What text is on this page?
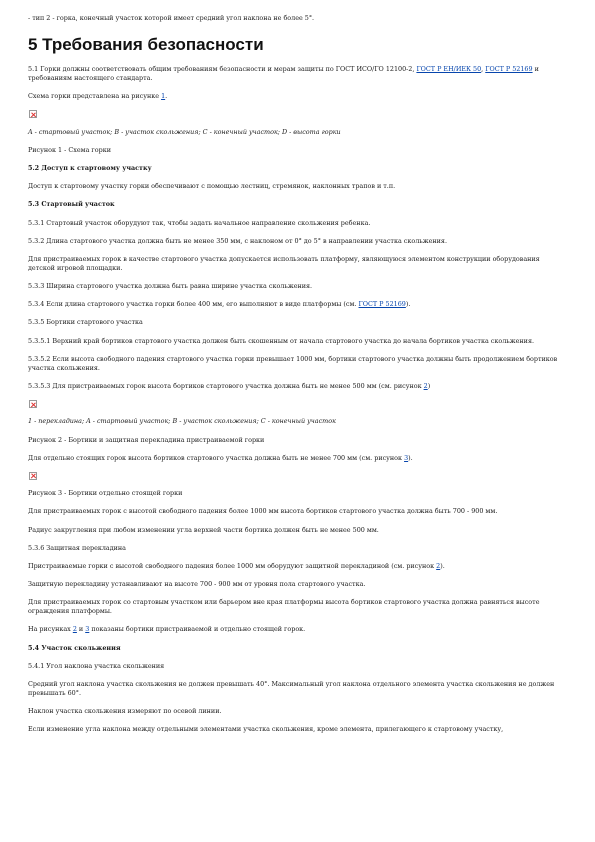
- тип 2 - горка, конечный участок которой имеет средний угол наклона не более 5°.

5 Требования безопасности

5.1 Горки должны соответствовать общим требованиям безопасности и мерам защиты по ГОСТ ИСО/ГО 12100-2, ГОСТ Р ЕН/ИЕК 50, ГОСТ Р 52169 и требованиям настоящего стандарта.

Схема горки представлена на рисунке 1.

A - стартовый участок; B - участок скольжения; C - конечный участок; D - высота горки

Рисунок 1 - Схема горки

5.2 Доступ к стартовому участку

Доступ к стартовому участку горки обеспечивают с помощью лестниц, стремянок, наклонных трапов и т.п.

5.3 Стартовый участок

5.3.1 Стартовый участок оборудуют так, чтобы задать начальное направление скольжения ребенка.

5.3.2 Длина стартового участка должна быть не менее 350 мм, с наклоном от 0° до 5° в направлении участка скольжения.

Для пристраиваемых горок в качестве стартового участка допускается использовать платформу, являющуюся элементом конструкции оборудования детской игровой площадки.

5.3.3 Ширина стартового участка должна быть равна ширине участка скольжения.

5.3.4 Если длина стартового участка горки более 400 мм, его выполняют в виде платформы (см. ГОСТ Р 52169).

5.3.5 Бортики стартового участка

5.3.5.1 Верхний край бортиков стартового участка должен быть скошенным от начала стартового участка до начала бортиков участка скольжения.

5.3.5.2 Если высота свободного падения стартового участка горки превышает 1000 мм, бортики стартового участка должны быть продолжением бортиков участка скольжения.

5.3.5.3 Для пристраиваемых горок высота бортиков стартового участка должна быть не менее 500 мм (см. рисунок 2)

1 - перекладина; A - стартовый участок; B - участок скольжения; C - конечный участок

Рисунок 2 - Бортики и защитная перекладина пристраиваемой горки

Для отдельно стоящих горок высота бортиков стартового участка должна быть не менее 700 мм (см. рисунок 3).

Рисунок 3 - Бортики отдельно стоящей горки

Для пристраиваемых горок с высотой свободного падения более 1000 мм высота бортиков стартового участка должна быть 700 - 900 мм.

Радиус закругления при любом изменении угла верхней части бортика должен быть не менее 500 мм.

5.3.6 Защитная перекладина

Пристраиваемые горки с высотой свободного падения более 1000 мм оборудуют защитной перекладиной (см. рисунок 2).

Защитную перекладину устанавливают на высоте 700 - 900 мм от уровня пола стартового участка.

Для пристраиваемых горок со стартовым участком или барьером вне края платформы высота бортиков стартового участка должна равняться высоте ограждения платформы.

На рисунках 2 и 3 показаны бортики пристраиваемой и отдельно стоящей горок.

5.4 Участок скольжения

5.4.1 Угол наклона участка скольжения

Средний угол наклона участка скольжения не должен превышать 40°. Максимальный угол наклона отдельного элемента участка скольжения не должен превышать 60°.

Наклон участка скольжения измеряют по осевой линии.

Если изменение угла наклона между отдельными элементами участка скольжения, кроме элемента, прилегающего к стартовому участку,
